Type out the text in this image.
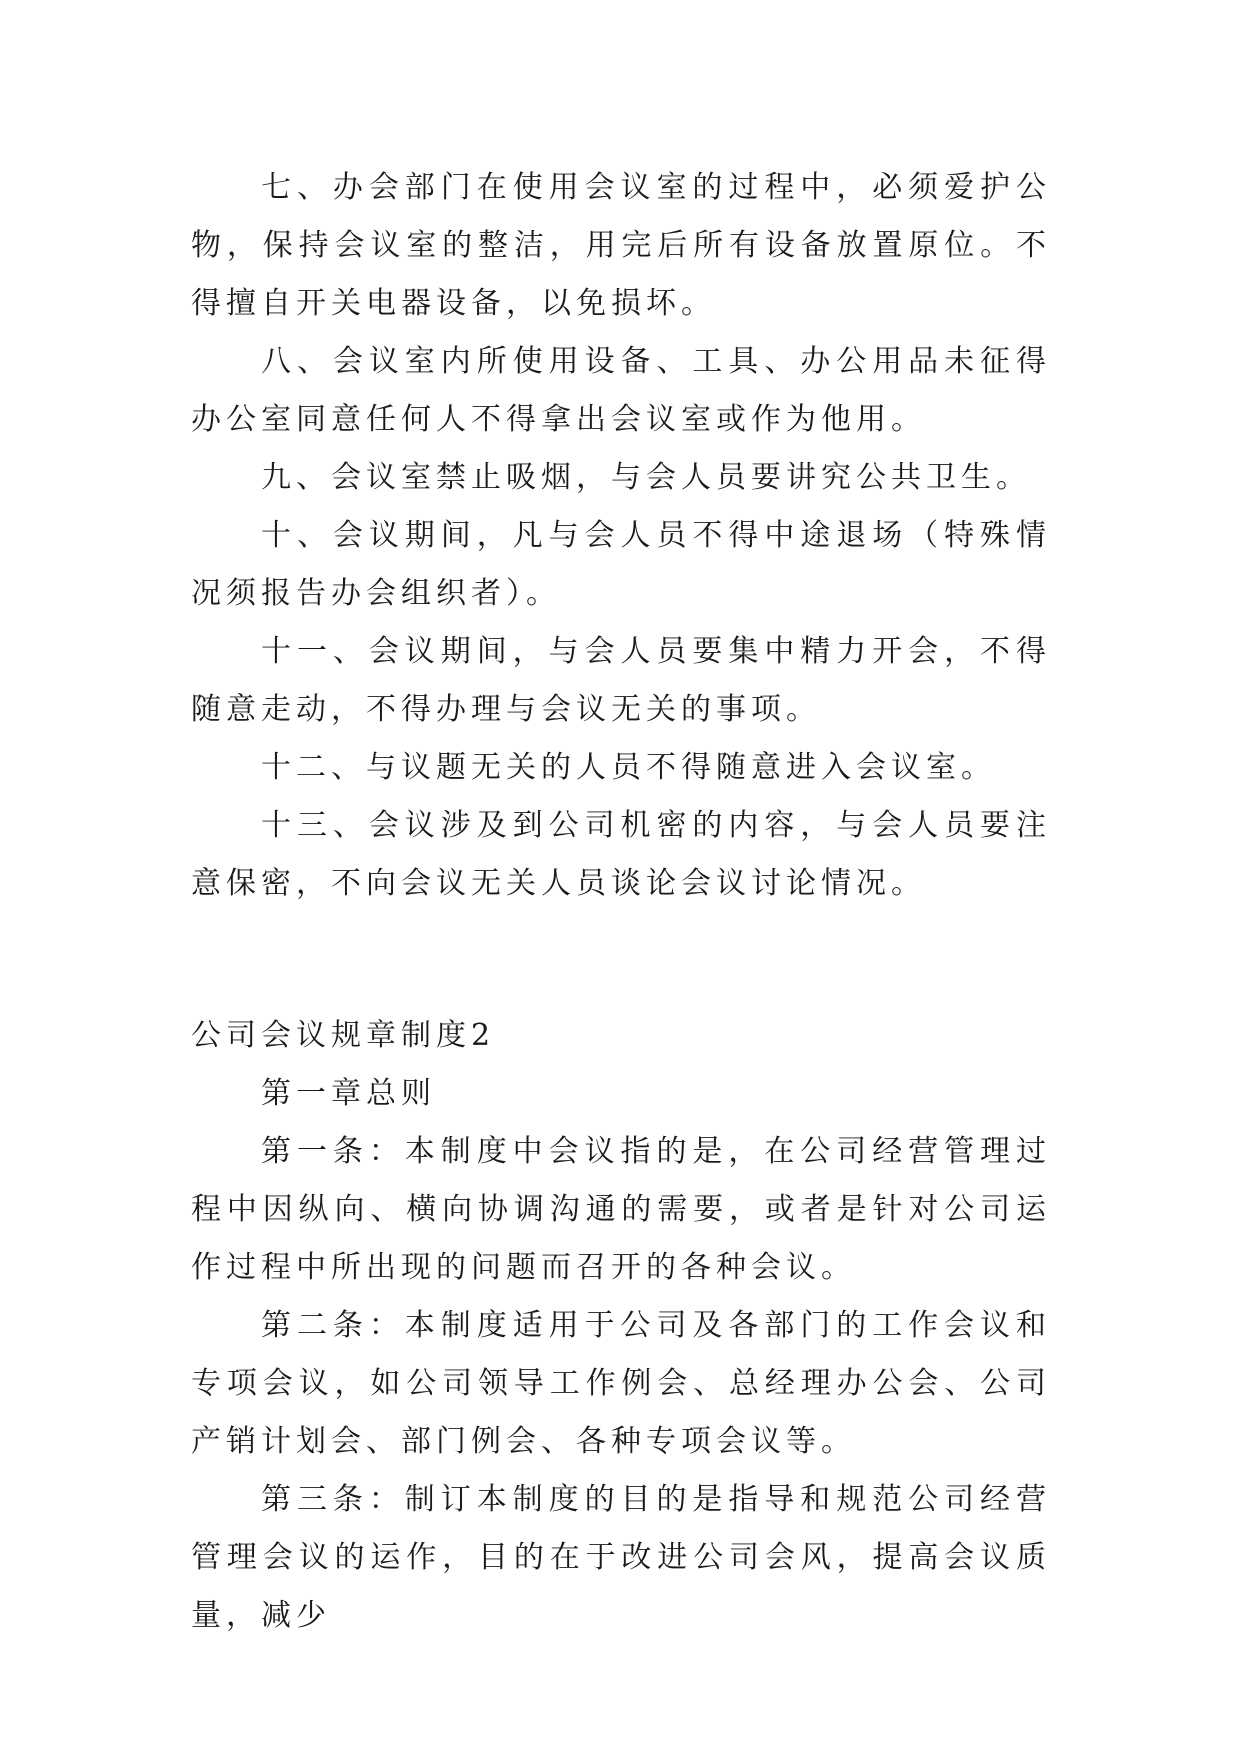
七、办会部门在使用会议室的过程中，必须爱护公物，保持会议室的整洁，用完后所有设备放置原位。不得擅自开关电器设备，以免损坏。

八、会议室内所使用设备、工具、办公用品未征得办公室同意任何人不得拿出会议室或作为他用。

九、会议室禁止吸烟，与会人员要讲究公共卫生。

十、会议期间，凡与会人员不得中途退场（特殊情况须报告办会组织者）。

十一、会议期间，与会人员要集中精力开会，不得随意走动，不得办理与会议无关的事项。

十二、与议题无关的人员不得随意进入会议室。

十三、会议涉及到公司机密的内容，与会人员要注意保密，不向会议无关人员谈论会议讨论情况。

公司会议规章制度2

第一章总则

第一条：本制度中会议指的是，在公司经营管理过程中因纵向、横向协调沟通的需要，或者是针对公司运作过程中所出现的问题而召开的各种会议。

第二条：本制度适用于公司及各部门的工作会议和专项会议，如公司领导工作例会、总经理办公会、公司产销计划会、部门例会、各种专项会议等。

第三条：制订本制度的目的是指导和规范公司经营管理会议的运作，目的在于改进公司会风，提高会议质量，减少
